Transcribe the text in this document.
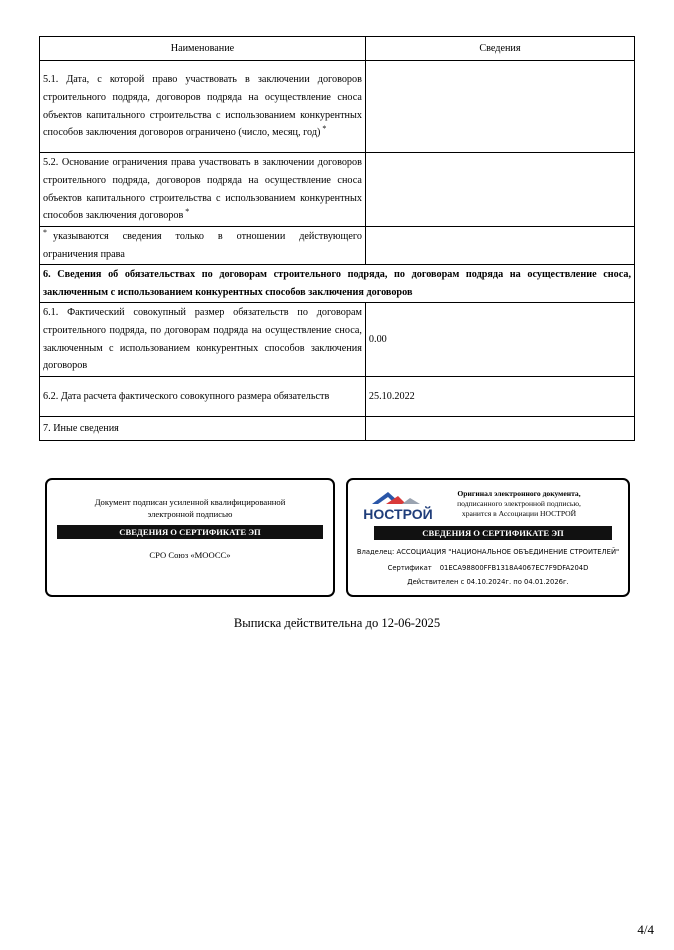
Наименование	Сведения
5.1. Дата, с которой право участвовать в заключении договоров строительного подряда, договоров подряда на осуществление сноса объектов капитального строительства с использованием конкурентных способов заключения договоров ограничено (число, месяц, год) *	
5.2. Основание ограничения права участвовать в заключении договоров строительного подряда, договоров подряда на осуществление сноса объектов капитального строительства с использованием конкурентных способов заключения договоров *	
* указываются сведения только в отношении действующего ограничения права	
6. Сведения об обязательствах по договорам строительного подряда, по договорам подряда на осуществление сноса, заключенным с использованием конкурентных способов заключения договоров	
6.1. Фактический совокупный размер обязательств по договорам строительного подряда, по договорам подряда на осуществление сноса, заключенным с использованием конкурентных способов заключения договоров	0.00
6.2. Дата расчета фактического совокупного размера обязательств	25.10.2022
7. Иные сведения	
Документ подписан усиленной квалифицированной
электронной подписью
СВЕДЕНИЯ О СЕРТИФИКАТЕ ЭП
СРО Союз «МООСС»
НОСТРОЙ
Оригинал электронного документа,
подписанного электронной подписью,
хранится в Ассоциации НОСТРОЙ
СВЕДЕНИЯ О СЕРТИФИКАТЕ ЭП
Владелец: АССОЦИАЦИЯ "НАЦИОНАЛЬНОЕ ОБЪЕДИНЕНИЕ СТРОИТЕЛЕЙ"
Сертификат 01ECA98800FFB1318A4067EC7F9DFA204D
Действителен с 04.10.2024г. по 04.01.2026г.
Выписка действительна до 12-06-2025
4/4
